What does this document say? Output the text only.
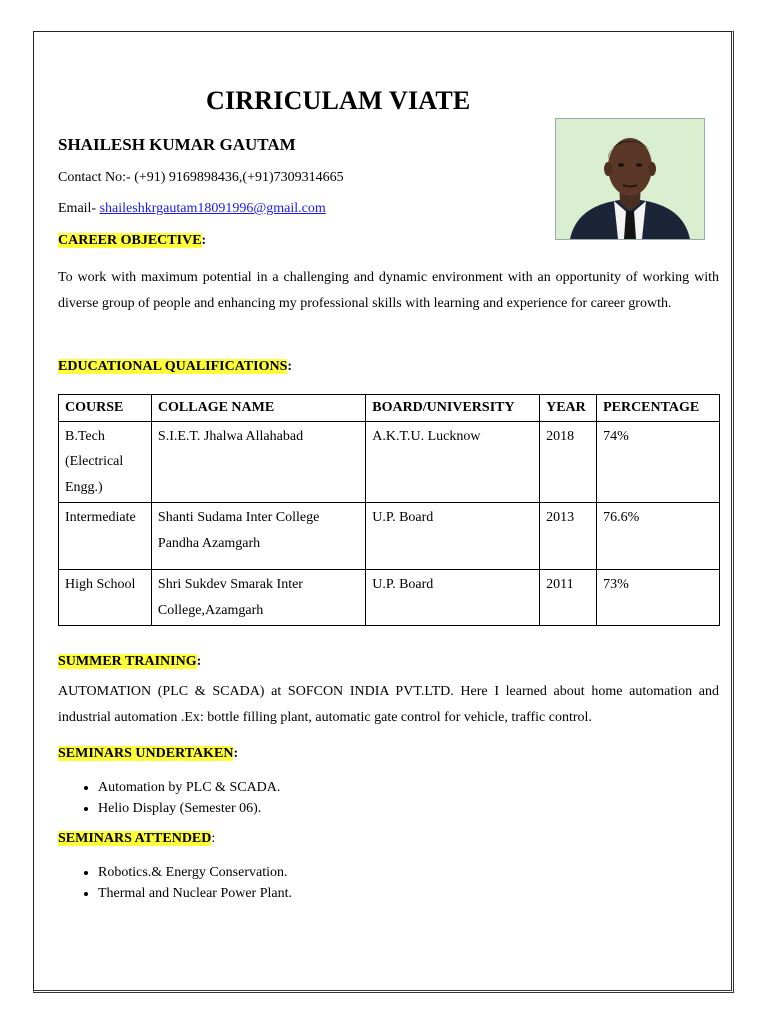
CIRRICULAM VIATE
SHAILESH KUMAR GAUTAM
Contact No:- (+91) 9169898436,(+91)7309314665
Email- shaileshkrgautam18091996@gmail.com
CAREER OBJECTIVE:
To work with maximum potential in a challenging and dynamic environment with an opportunity of working with diverse group of people and enhancing my professional skills with learning and experience for career growth.
EDUCATIONAL QUALIFICATIONS:
COURSE	COLLAGE NAME	BOARD/UNIVERSITY	YEAR	PERCENTAGE
B.Tech (Electrical Engg.)	S.I.E.T. Jhalwa Allahabad	A.K.T.U. Lucknow	2018	74%
Intermediate	Shanti Sudama Inter College Pandha Azamgarh	U.P. Board	2013	76.6%
High School	Shri Sukdev Smarak Inter College,Azamgarh	U.P. Board	2011	73%
SUMMER TRAINING:
AUTOMATION (PLC & SCADA) at SOFCON INDIA PVT.LTD. Here I learned about home automation and industrial automation .Ex: bottle filling plant, automatic gate control for vehicle, traffic control.
SEMINARS UNDERTAKEN:
• Automation by PLC & SCADA.
• Helio Display (Semester 06).
SEMINARS ATTENDED:
• Robotics.& Energy Conservation.
• Thermal and Nuclear Power Plant.
